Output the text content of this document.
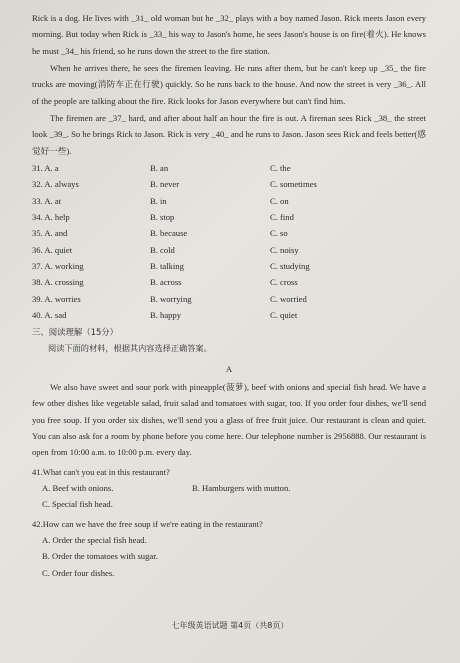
Rick is a dog. He lives with _31_ old woman but he _32_ plays with a boy named Jason. Rick meets Jason every morning. But today when Rick is _33_ his way to Jason's home, he sees Jason's house is on fire(着火). He knows he must _34_ his friend, so he runs down the street to the fire station.

When he arrives there, he sees the firemen leaving. He runs after them, but he can't keep up _35_ the fire trucks are moving(消防车正在行驶) quickly. So he runs back to the house. And now the street is very _36_. All of the people are talking about the fire. Rick looks for Jason everywhere but can't find him.

The firemen are _37_ hard, and after about half an hour the fire is out. A fireman sees Rick _38_ the street look _39_. So he brings Rick to Jason. Rick is very _40_ and he runs to Jason. Jason sees Rick and feels better(感觉好一些).

31. A. a	B. an	C. the
32. A. always	B. never	C. sometimes
33. A. at	B. in	C. on
34. A. help	B. stop	C. find
35. A. and	B. because	C. so
36. A. quiet	B. cold	C. noisy
37. A. working	B. talking	C. studying
38. A. crossing	B. across	C. cross
39. A. worries	B. worrying	C. worried
40. A. sad	B. happy	C. quiet

三、阅读理解（15分）

阅读下面的材料，根据其内容选择正确答案。

A

We also have sweet and sour pork with pineapple(菠萝), beef with onions and special fish head. We have a few other dishes like vegetable salad, fruit salad and tomatoes with sugar, too. If you order four dishes, we'll send you free soup. If you order six dishes, we'll send you a glass of free fruit juice. Our restaurant is clean and quiet. You can also ask for a room by phone before you come here. Our telephone number is 2956888. Our restaurant is open from 10:00 a.m. to 10:00 p.m. every day.

41.What can't you eat in this restaurant?

A. Beef with onions.	B. Hamburgers with mutton.
C. Special fish head.

42.How can we have the free soup if we're eating in the restaurant?

A. Order the special fish head.
B. Order the tomatoes with sugar.
C. Order four dishes.
七年级英语试题 第4页（共8页）
